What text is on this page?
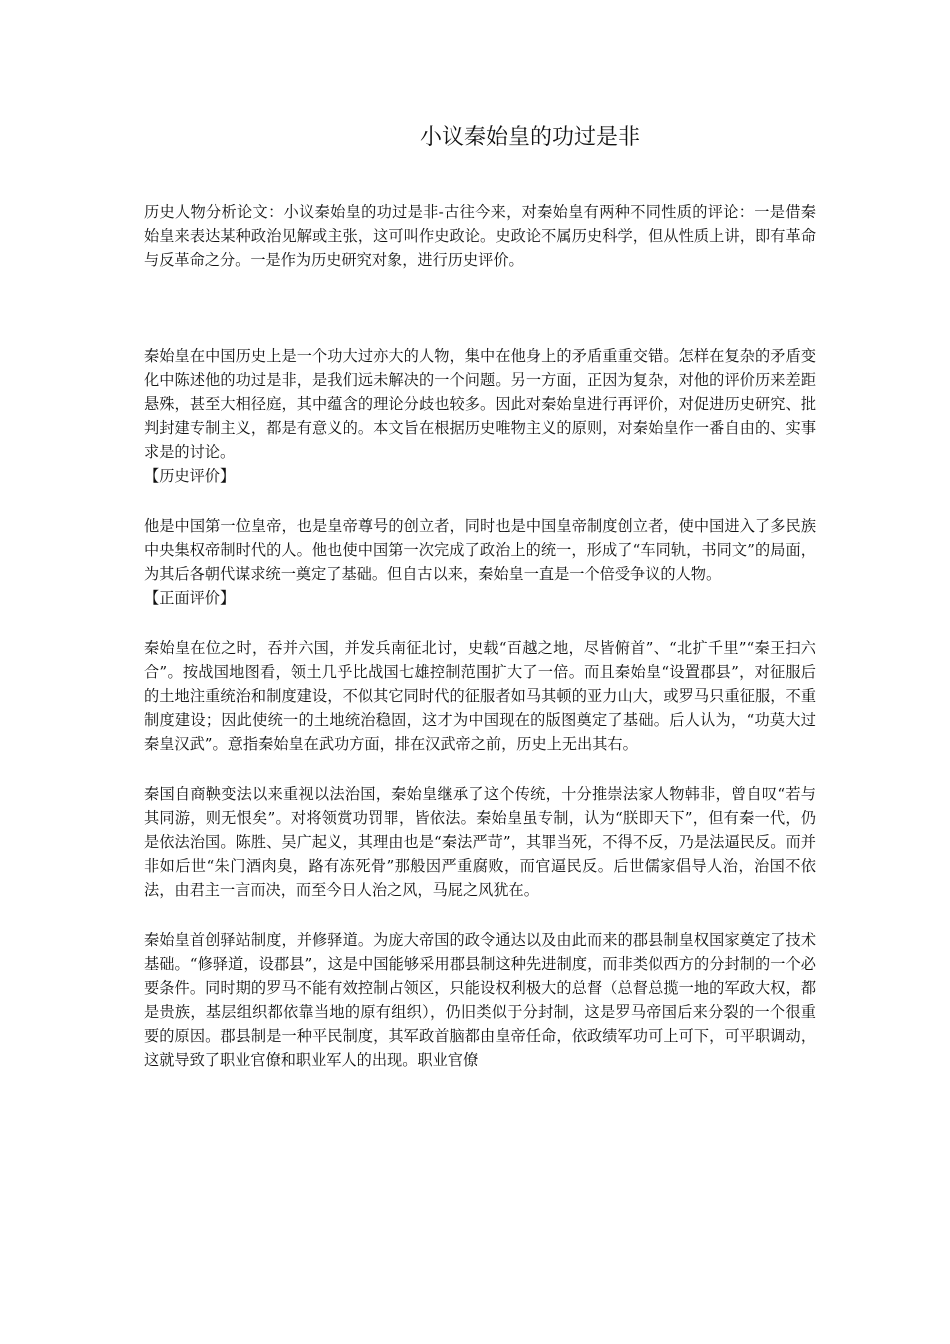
小议秦始皇的功过是非

历史人物分析论文：小议秦始皇的功过是非-古往今来，对秦始皇有两种不同性质的评论：一是借秦始皇来表达某种政治见解或主张，这可叫作史政论。史政论不属历史科学，但从性质上讲，即有革命与反革命之分。一是作为历史研究对象，进行历史评价。

秦始皇在中国历史上是一个功大过亦大的人物，集中在他身上的矛盾重重交错。怎样在复杂的矛盾变化中陈述他的功过是非，是我们远未解决的一个问题。另一方面，正因为复杂，对他的评价历来差距悬殊，甚至大相径庭，其中蕴含的理论分歧也较多。因此对秦始皇进行再评价，对促进历史研究、批判封建专制主义，都是有意义的。本文旨在根据历史唯物主义的原则，对秦始皇作一番自由的、实事求是的讨论。

【历史评价】

他是中国第一位皇帝，也是皇帝尊号的创立者，同时也是中国皇帝制度创立者，使中国进入了多民族中央集权帝制时代的人。他也使中国第一次完成了政治上的统一，形成了“车同轨，书同文”的局面，为其后各朝代谋求统一奠定了基础。但自古以来，秦始皇一直是一个倍受争议的人物。

【正面评价】

秦始皇在位之时，吞并六国，并发兵南征北讨，史载“百越之地，尽皆俯首”、“北扩千里”“秦王扫六合”。按战国地图看，领土几乎比战国七雄控制范围扩大了一倍。而且秦始皇“设置郡县”，对征服后的土地注重统治和制度建设，不似其它同时代的征服者如马其顿的亚力山大，或罗马只重征服，不重制度建设；因此使统一的土地统治稳固，这才为中国现在的版图奠定了基础。后人认为，“功莫大过秦皇汉武”。意指秦始皇在武功方面，排在汉武帝之前，历史上无出其右。

秦国自商鞅变法以来重视以法治国，秦始皇继承了这个传统，十分推崇法家人物韩非，曾自叹“若与其同游，则无恨矣”。对将领赏功罚罪，皆依法。秦始皇虽专制，认为“朕即天下”，但有秦一代，仍是依法治国。陈胜、吴广起义，其理由也是“秦法严苛”，其罪当死，不得不反，乃是法逼民反。而并非如后世“朱门酒肉臭，路有冻死骨”那般因严重腐败，而官逼民反。后世儒家倡导人治，治国不依法，由君主一言而决，而至今日人治之风，马屁之风犹在。

秦始皇首创驿站制度，并修驿道。为庞大帝国的政令通达以及由此而来的郡县制皇权国家奠定了技术基础。“修驿道，设郡县”，这是中国能够采用郡县制这种先进制度，而非类似西方的分封制的一个必要条件。同时期的罗马不能有效控制占领区，只能设权利极大的总督（总督总揽一地的军政大权，都是贵族，基层组织都依靠当地的原有组织），仍旧类似于分封制，这是罗马帝国后来分裂的一个很重要的原因。郡县制是一种平民制度，其军政首脑都由皇帝任命，依政绩军功可上可下，可平职调动，这就导致了职业官僚和职业军人的出现。职业官僚
